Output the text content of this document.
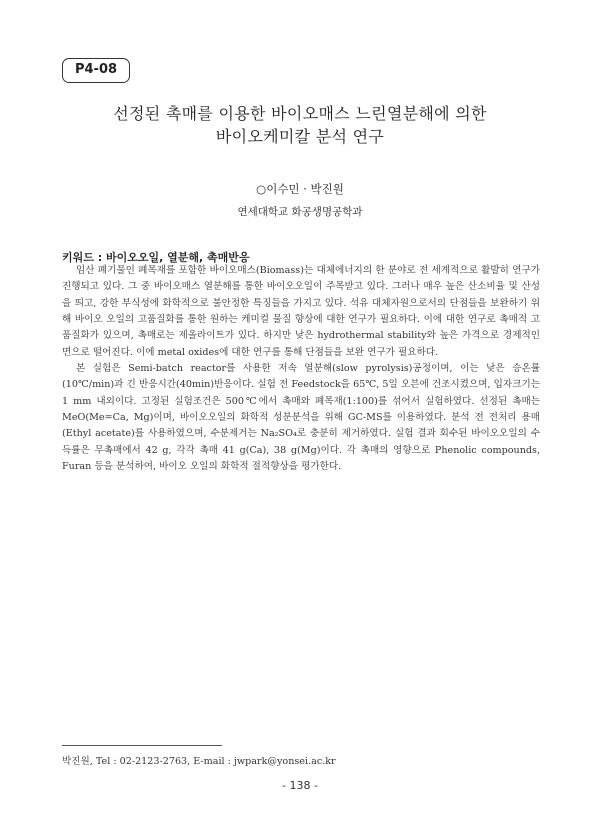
P4-08
선정된 촉매를 이용한 바이오매스 느린열분해에 의한
바이오케미칼 분석 연구
○이수민 · 박진원
연세대학교 화공생명공학과
키워드 : 바이오오일, 열분해, 촉매반응

임산 폐기물인 폐목재를 포함한 바이오매스(Biomass)는 대체에너지의 한 분야로 전 세계적으로 활발히 연구가 진행되고 있다. 그 중 바이오매스 열분해를 통한 바이오오일이 주목받고 있다. 그러나 매우 높은 산소비율 및 산성을 띄고, 강한 부식성에 화학적으로 불안정한 특징들을 가지고 있다. 석유 대체자원으로서의 단점들을 보완하기 위해 바이오 오일의 고품질화를 통한 원하는 케미컬 물질 향상에 대한 연구가 필요하다. 이에 대한 연구로 촉매적 고품질화가 있으며, 촉매로는 제올라이트가 있다. 하지만 낮은 hydrothermal stability와 높은 가격으로 경제적인 면으로 떨어진다. 이에 metal oxides에 대한 연구를 통해 단점들을 보완 연구가 필요하다.

본 실험은 Semi-batch reactor를 사용한 저속 열분해(slow pyrolysis)공정이며, 이는 낮은 승온률(10℃/min)과 긴 반응시간(40min)반응이다. 실험 전 Feedstock을 65℃, 5일 오븐에 건조시켰으며, 입자크기는 1 mm 내외이다. 고정된 실험조건은 500℃에서 촉매와 폐목재(1:100)를 섞어서 실험하였다. 선정된 촉매는 MeO(Me=Ca, Mg)이며, 바이오오일의 화학적 성분분석을 위해 GC-MS를 이용하였다. 분석 전 전처리 용매(Ethyl acetate)를 사용하였으며, 수분제거는 Na₂SO₄로 충분히 제거하였다. 실험 결과 회수된 바이오오일의 수득률은 무촉매에서 42 g, 각각 촉매 41 g(Ca), 38 g(Mg)이다. 각 촉매의 영향으로 Phenolic compounds, Furan 등을 분석하여, 바이오 오일의 화학적 절적향상을 평가한다.

박진원, Tel : 02-2123-2763, E-mail : jwpark@yonsei.ac.kr
- 138 -
